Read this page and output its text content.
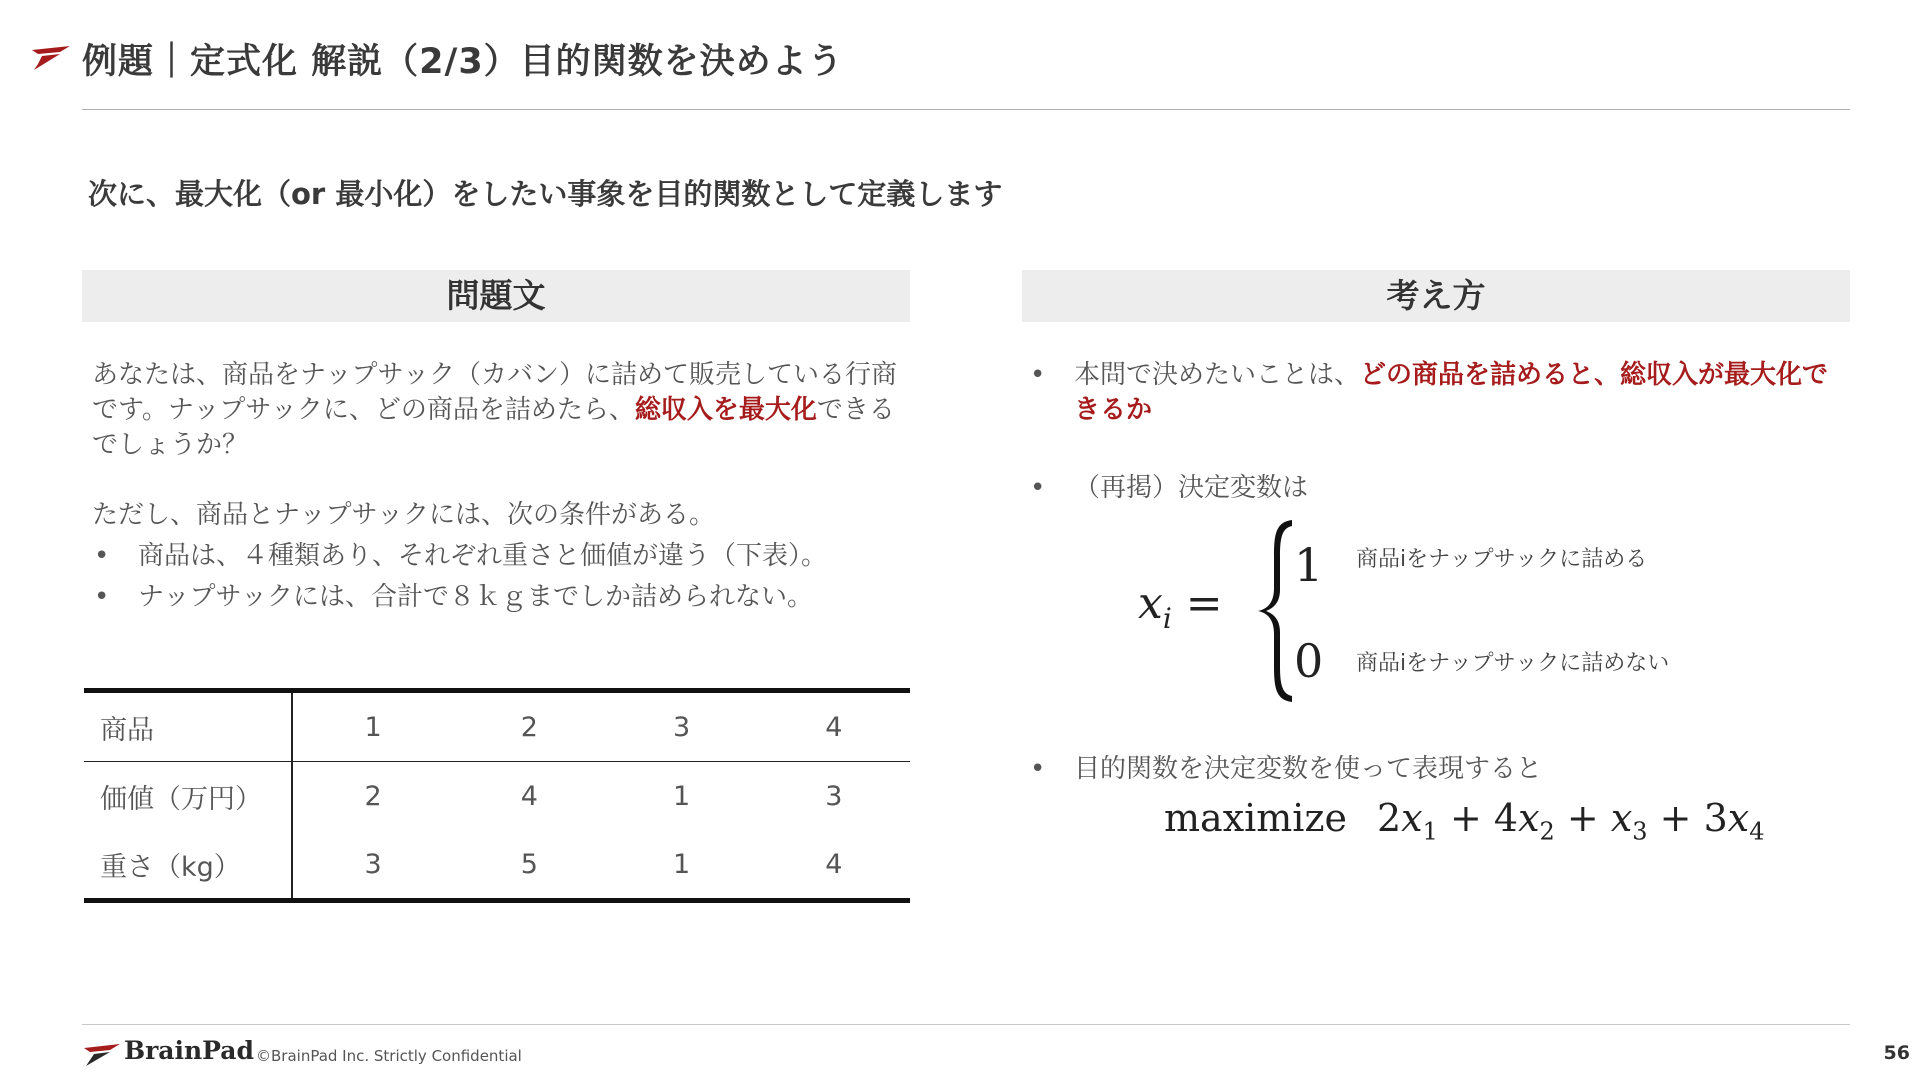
例題｜定式化 解説（2/3）目的関数を決めよう
次に、最大化（or 最小化）をしたい事象を目的関数として定義します
問題文

あなたは、商品をナップサック（カバン）に詰めて販売している行商です。ナップサックに、どの商品を詰めたら、総収入を最大化できるでしょうか？

ただし、商品とナップサックには、次の条件がある。

• 商品は、４種類あり、それぞれ重さと価値が違う（下表）。
• ナップサックには、合計で８ｋｇまでしか詰められない。
商品	1	2	3	4
価値（万円）	2	4	1	3
重さ（kg）	3	5	1	4
考え方
• 本問で決めたいことは、どの商品を詰めると、総収入が最大化できるか
• （再掲）決定変数は
• 目的関数を決定変数を使って表現すると
$x_i$ =
1
0
商品iをナップサックに詰める
商品iをナップサックに詰めない
maximize $2x_1 + 4x_2 + x_3 + 3x_4$
BrainPad ©BrainPad Inc. Strictly Confidential	56
